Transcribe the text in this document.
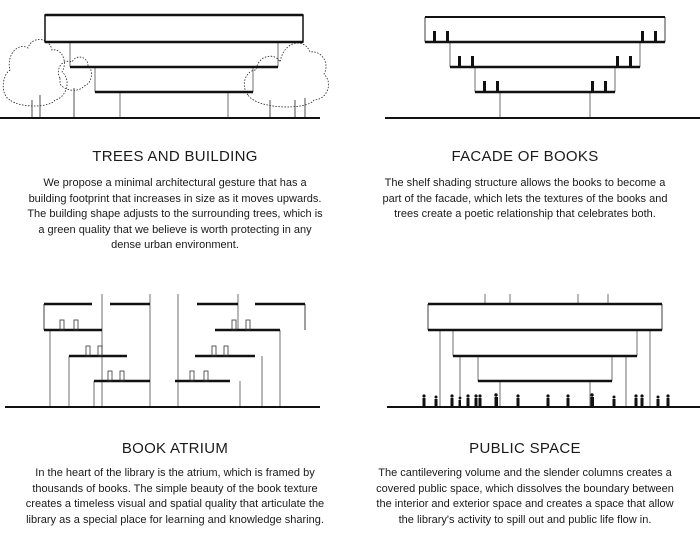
TREES AND BUILDING
We propose a minimal architectural gesture that has a building footprint that increases in size as it moves upwards. The building shape adjusts to the surrounding trees, which is a green quality that we believe is worth protecting in any dense urban environment.
FACADE OF BOOKS
The shelf shading structure allows the books to become a part of the facade, which lets the textures of the books and trees create a poetic relationship that celebrates both.
BOOK ATRIUM
In the heart of the library is the atrium, which is framed by thousands of books. The simple beauty of the book texture creates a timeless visual and spatial quality that articulate the library as a special place for learning and knowledge sharing.
PUBLIC SPACE
The cantilevering volume and the slender columns creates a covered public space, which dissolves the boundary between the interior and exterior space and creates a space that allow the library's activity to spill out and public life flow in.
